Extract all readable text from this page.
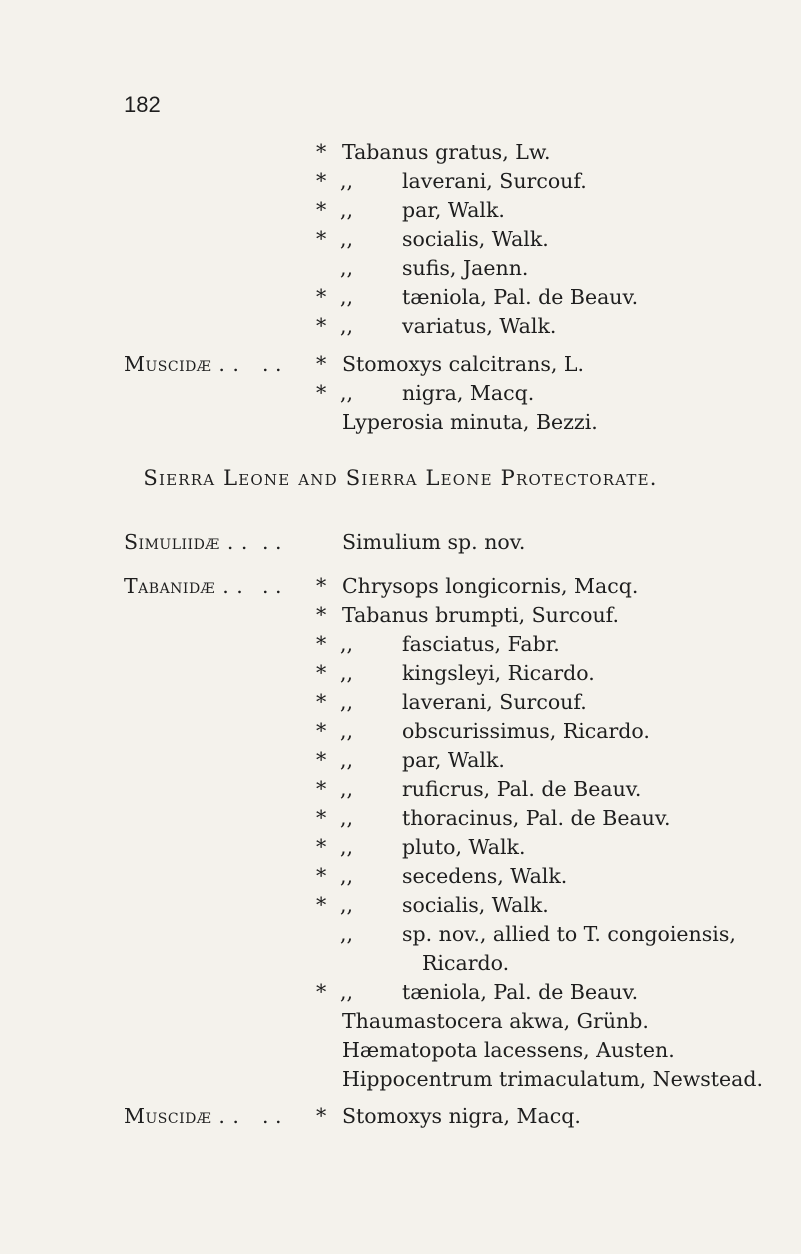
182
* Tabanus gratus, Lw.
* ,, laverani, Surcouf.
* ,, par, Walk.
* ,, socialis, Walk.
,, sufis, Jaenn.
* ,, tæniola, Pal. de Beauv.
* ,, variatus, Walk.
Muscidæ . . . . * Stomoxys calcitrans, L.
* ,, nigra, Macq.
Lyperosia minuta, Bezzi.
Sierra Leone and Sierra Leone Protectorate.
Simuliidæ . . . .	Simulium sp. nov.
Tabanidæ . . . . * Chrysops longicornis, Macq.
* Tabanus brumpti, Surcouf.
* ,, fasciatus, Fabr.
* ,, kingsleyi, Ricardo.
* ,, laverani, Surcouf.
* ,, obscurissimus, Ricardo.
* ,, par, Walk.
* ,, ruficrus, Pal. de Beauv.
* ,, thoracinus, Pal. de Beauv.
* ,, pluto, Walk.
* ,, secedens, Walk.
* ,, socialis, Walk.
,, sp. nov., allied to T. congoiensis,
Ricardo.
* ,, tæniola, Pal. de Beauv.
Thaumastocera akwa, Grünb.
Hæmatopota lacessens, Austen.
Hippocentrum trimaculatum, Newstead.
Muscidæ . . . . * Stomoxys nigra, Macq.
